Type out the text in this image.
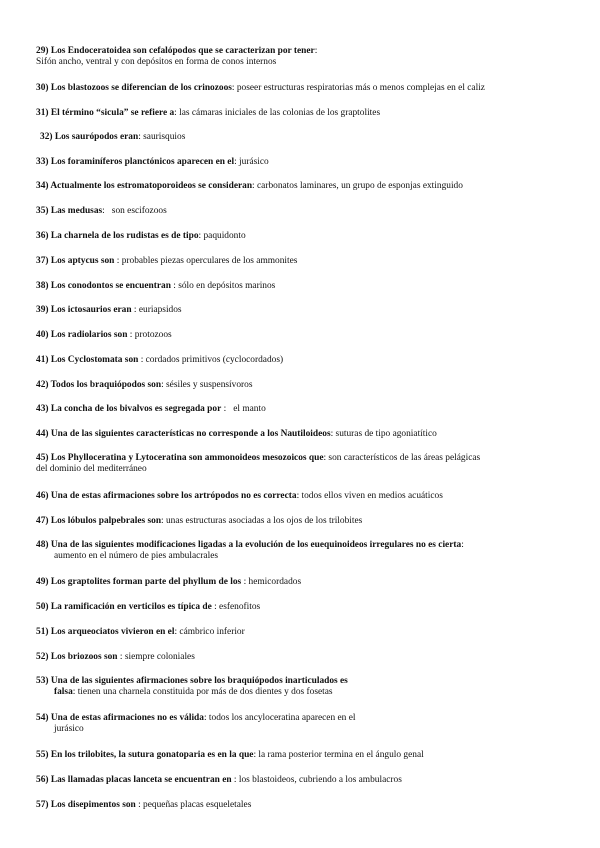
29) Los Endoceratoidea son cefalópodos que se caracterizan por tener:
Sifón ancho, ventral y con depósitos en forma de conos internos
30) Los blastozoos se diferencian de los crinozoos: poseer estructuras respiratorias más o menos complejas en el caliz
31) El término “sicula” se refiere a: las cámaras iniciales de las colonias de los graptolites
32) Los saurópodos eran: saurisquios
33) Los foraminíferos planctónicos aparecen en el: jurásico
34) Actualmente los estromatoporoideos se consideran: carbonatos laminares, un grupo de esponjas extinguido
35) Las medusas:   son escifozoos
36) La charnela de los rudistas es de tipo: paquidonto
37) Los aptycus son : probables piezas operculares de los ammonites
38) Los conodontos se encuentran : sólo en depósitos marinos
39) Los ictosaurios eran : euriapsidos
40) Los radiolarios son : protozoos
41) Los Cyclostomata son : cordados primitivos (cyclocordados)
42) Todos los braquiópodos son: sésiles y suspensívoros
43) La concha de los bivalvos es segregada por :   el manto
44) Una de las siguientes características no corresponde a los Nautiloideos: suturas de tipo agoniatítico
45) Los Phylloceratina y Lytoceratina son ammonoideos mesozoicos que: son característicos de las áreas pelágicas
del dominio del mediterráneo
46) Una de estas afirmaciones sobre los artrópodos no es correcta: todos ellos viven en medios acuáticos
47) Los lóbulos palpebrales son: unas estructuras asociadas a los ojos de los trilobites
48) Una de las siguientes modificaciones ligadas a la evolución de los euequinoideos irregulares no es cierta:
aumento en el número de pies ambulacrales
49) Los graptolites forman parte del phyllum de los : hemicordados
50) La ramificación en verticilos es típica de : esfenofitos
51) Los arqueociatos vivieron en el: cámbrico inferior
52) Los briozoos son : siempre coloniales
53) Una de las siguientes afirmaciones sobre los braquiópodos inarticulados es
falsa: tienen una charnela constituida por más de dos dientes y dos fosetas
54) Una de estas afirmaciones no es válida: todos los ancyloceratina aparecen en el
jurásico
55) En los trilobites, la sutura gonatoparia es en la que: la rama posterior termina en el ángulo genal
56) Las llamadas placas lanceta se encuentran en : los blastoideos, cubriendo a los ambulacros
57) Los disepimentos son : pequeñas placas esqueletales
